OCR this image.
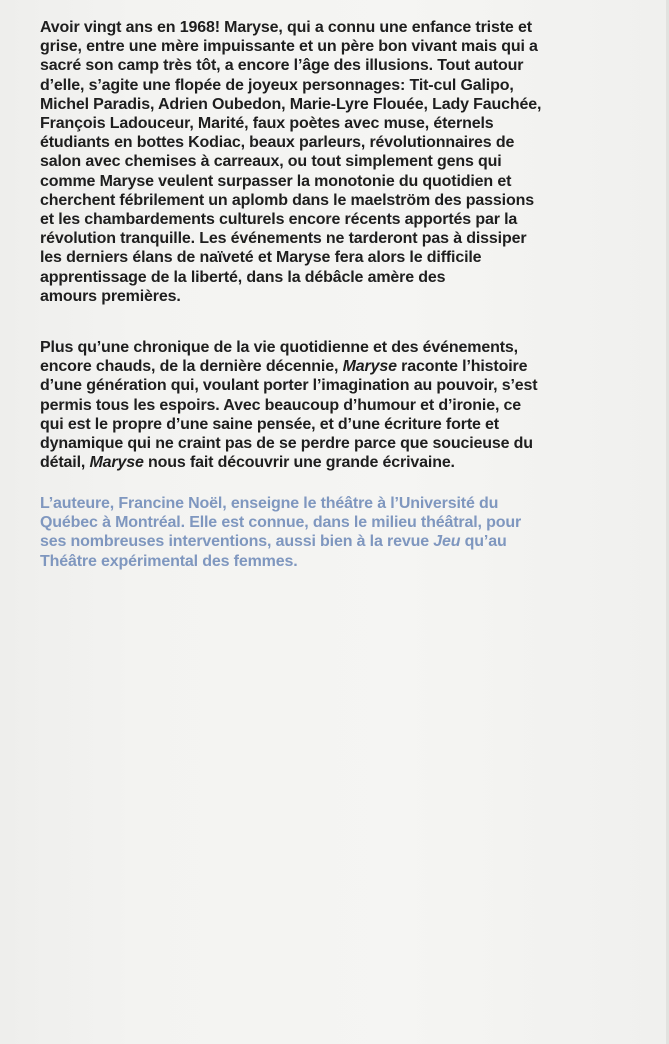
Avoir vingt ans en 1968! Maryse, qui a connu une enfance triste et
grise, entre une mère impuissante et un père bon vivant mais qui a
sacré son camp très tôt, a encore l’âge des illusions. Tout autour
d’elle, s’agite une flopée de joyeux personnages: Tit-cul Galipo,
Michel Paradis, Adrien Oubedon, Marie-Lyre Flouée, Lady Fauchée,
François Ladouceur, Marité, faux poètes avec muse, éternels
étudiants en bottes Kodiac, beaux parleurs, révolutionnaires de
salon avec chemises à carreaux, ou tout simplement gens qui
comme Maryse veulent surpasser la monotonie du quotidien et
cherchent fébrilement un aplomb dans le maelström des passions
et les chambardements culturels encore récents apportés par la
révolution tranquille. Les événements ne tarderont pas à dissiper
les derniers élans de naïveté et Maryse fera alors le difficile
apprentissage de la liberté, dans la débâcle amère des
amours premières.

Plus qu’une chronique de la vie quotidienne et des événements,
encore chauds, de la dernière décennie, Maryse raconte l’histoire
d’une génération qui, voulant porter l’imagination au pouvoir, s’est
permis tous les espoirs. Avec beaucoup d’humour et d’ironie, ce
qui est le propre d’une saine pensée, et d’une écriture forte et
dynamique qui ne craint pas de se perdre parce que soucieuse du
détail, Maryse nous fait découvrir une grande écrivaine.

L’auteure, Francine Noël, enseigne le théâtre à l’Université du
Québec à Montréal. Elle est connue, dans le milieu théâtral, pour
ses nombreuses interventions, aussi bien à la revue Jeu qu’au
Théâtre expérimental des femmes.
